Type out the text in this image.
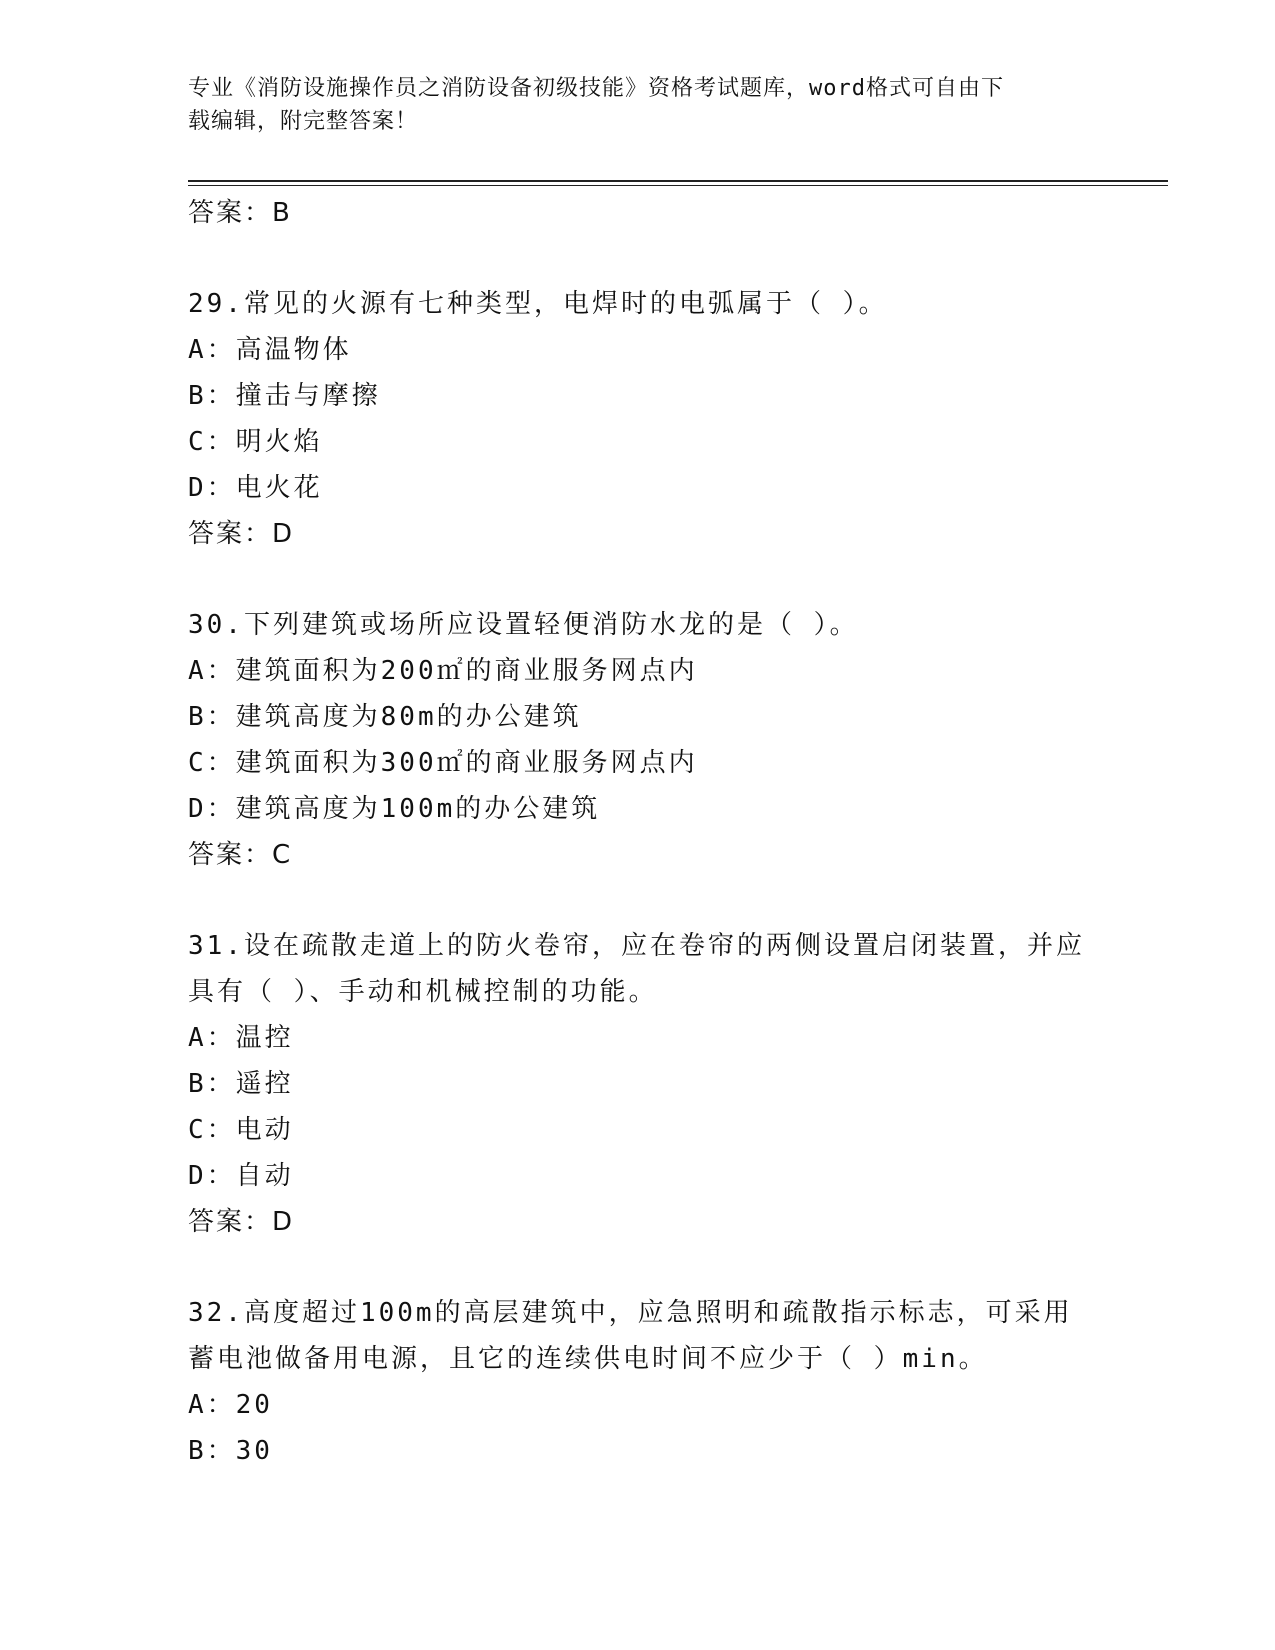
专业《消防设施操作员之消防设备初级技能》资格考试题库，word格式可自由下
载编辑，附完整答案！
答案：B
29.常见的火源有七种类型，电焊时的电弧属于（ ）。
A：高温物体
B：撞击与摩擦
C：明火焰
D：电火花
答案：D
30.下列建筑或场所应设置轻便消防水龙的是（ ）。
A：建筑面积为200㎡的商业服务网点内
B：建筑高度为80m的办公建筑
C：建筑面积为300㎡的商业服务网点内
D：建筑高度为100m的办公建筑
答案：C
31.设在疏散走道上的防火卷帘，应在卷帘的两侧设置启闭装置，并应
具有（ ）、手动和机械控制的功能。
A：温控
B：遥控
C：电动
D：自动
答案：D
32.高度超过100m的高层建筑中，应急照明和疏散指示标志，可采用
蓄电池做备用电源，且它的连续供电时间不应少于（ ）min。
A：20
B：30
